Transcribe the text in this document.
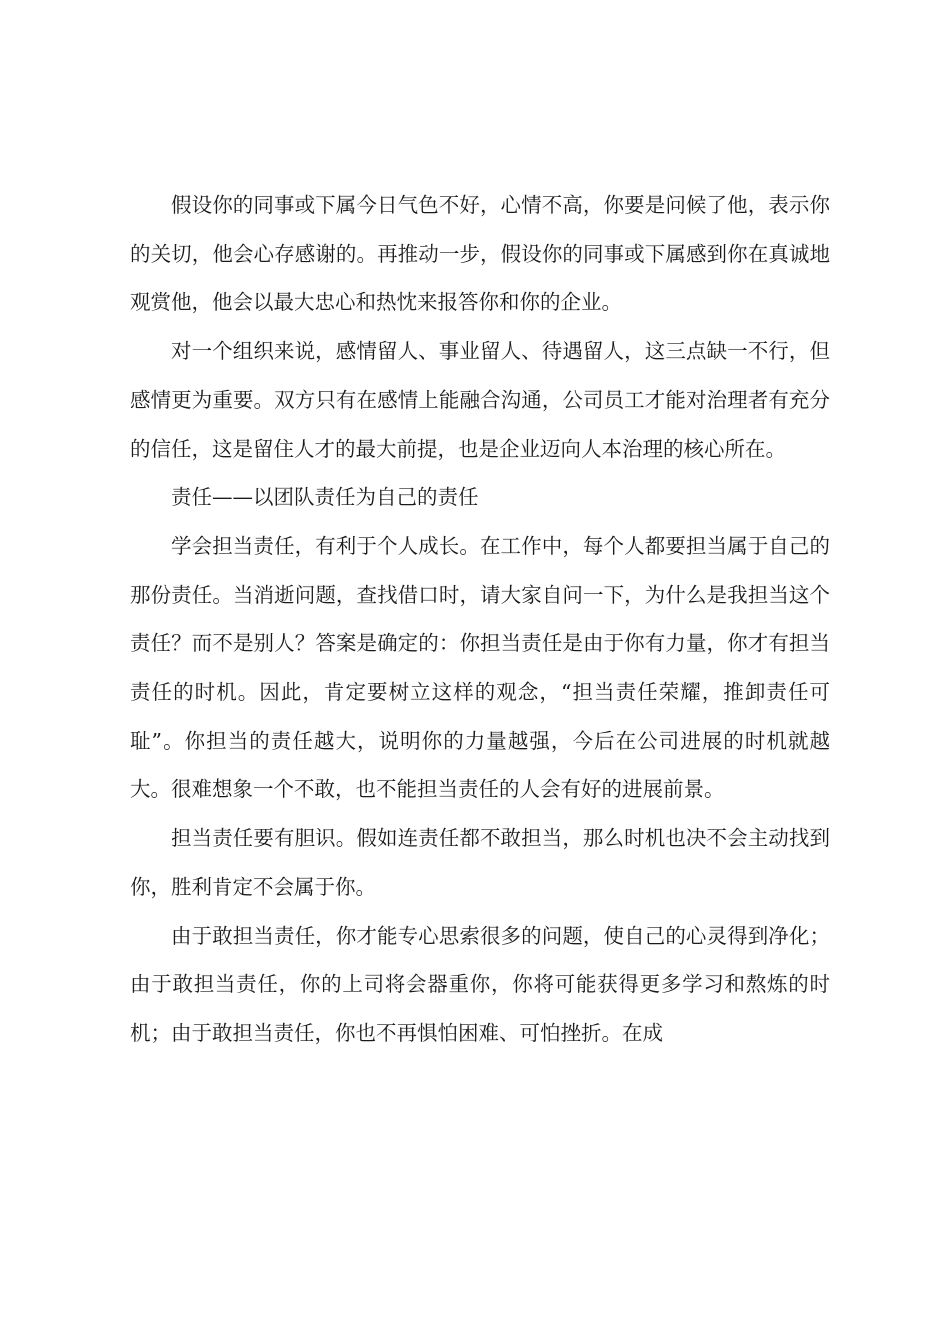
假设你的同事或下属今日气色不好，心情不高，你要是问候了他，表示你的关切，他会心存感谢的。再推动一步，假设你的同事或下属感到你在真诚地观赏他，他会以最大忠心和热忱来报答你和你的企业。

对一个组织来说，感情留人、事业留人、待遇留人，这三点缺一不行，但感情更为重要。双方只有在感情上能融合沟通，公司员工才能对治理者有充分的信任，这是留住人才的最大前提，也是企业迈向人本治理的核心所在。

责任——以团队责任为自己的责任

学会担当责任，有利于个人成长。在工作中，每个人都要担当属于自己的那份责任。当消逝问题，查找借口时，请大家自问一下，为什么是我担当这个责任？而不是别人？答案是确定的：你担当责任是由于你有力量，你才有担当责任的时机。因此，肯定要树立这样的观念，“担当责任荣耀，推卸责任可耻”。你担当的责任越大，说明你的力量越强，今后在公司进展的时机就越大。很难想象一个不敢，也不能担当责任的人会有好的进展前景。

担当责任要有胆识。假如连责任都不敢担当，那么时机也决不会主动找到你，胜利肯定不会属于你。

由于敢担当责任，你才能专心思索很多的问题，使自己的心灵得到净化；由于敢担当责任，你的上司将会器重你，你将可能获得更多学习和熬炼的时机；由于敢担当责任，你也不再惧怕困难、可怕挫折。在成
